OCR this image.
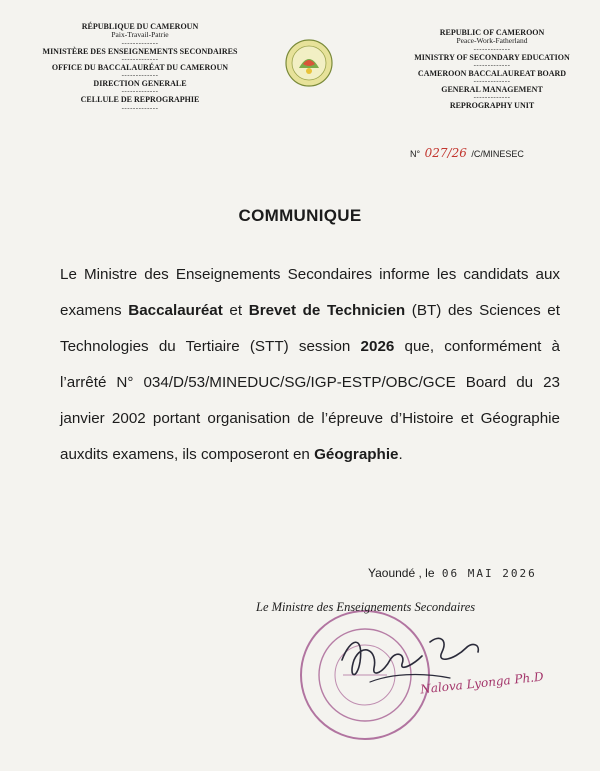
RÉPUBLIQUE DU CAMEROUN

Paix-Travail-Patrie

-------------

MINISTÈRE DES ENSEIGNEMENTS SECONDAIRES

-------------

OFFICE DU BACCALAURÉAT DU CAMEROUN

-------------

DIRECTION GENERALE

-------------

CELLULE DE REPROGRAPHIE

-------------

REPUBLIC OF CAMEROON

Peace-Work-Fatherland

-------------

MINISTRY OF SECONDARY EDUCATION

-------------

CAMEROON BACCALAUREAT BOARD

-------------

GENERAL MANAGEMENT

-------------

REPROGRAPHY UNIT

N° 027/26 /C/MINESEC
COMMUNIQUE
Le Ministre des Enseignements Secondaires informe les candidats aux examens Baccalauréat et Brevet de Technicien (BT) des Sciences et Technologies du Tertiaire (STT) session 2026 que, conformément à l’arrêté N° 034/D/53/MINEDUC/SG/IGP-ESTP/OBC/GCE Board du 23 janvier 2002 portant organisation de l’épreuve d’Histoire et Géographie auxdits examens, ils composeront en Géographie.
Yaoundé , le 06 MAI 2026
Le Ministre des Enseignements Secondaires
Nalova Lyonga Ph.D
